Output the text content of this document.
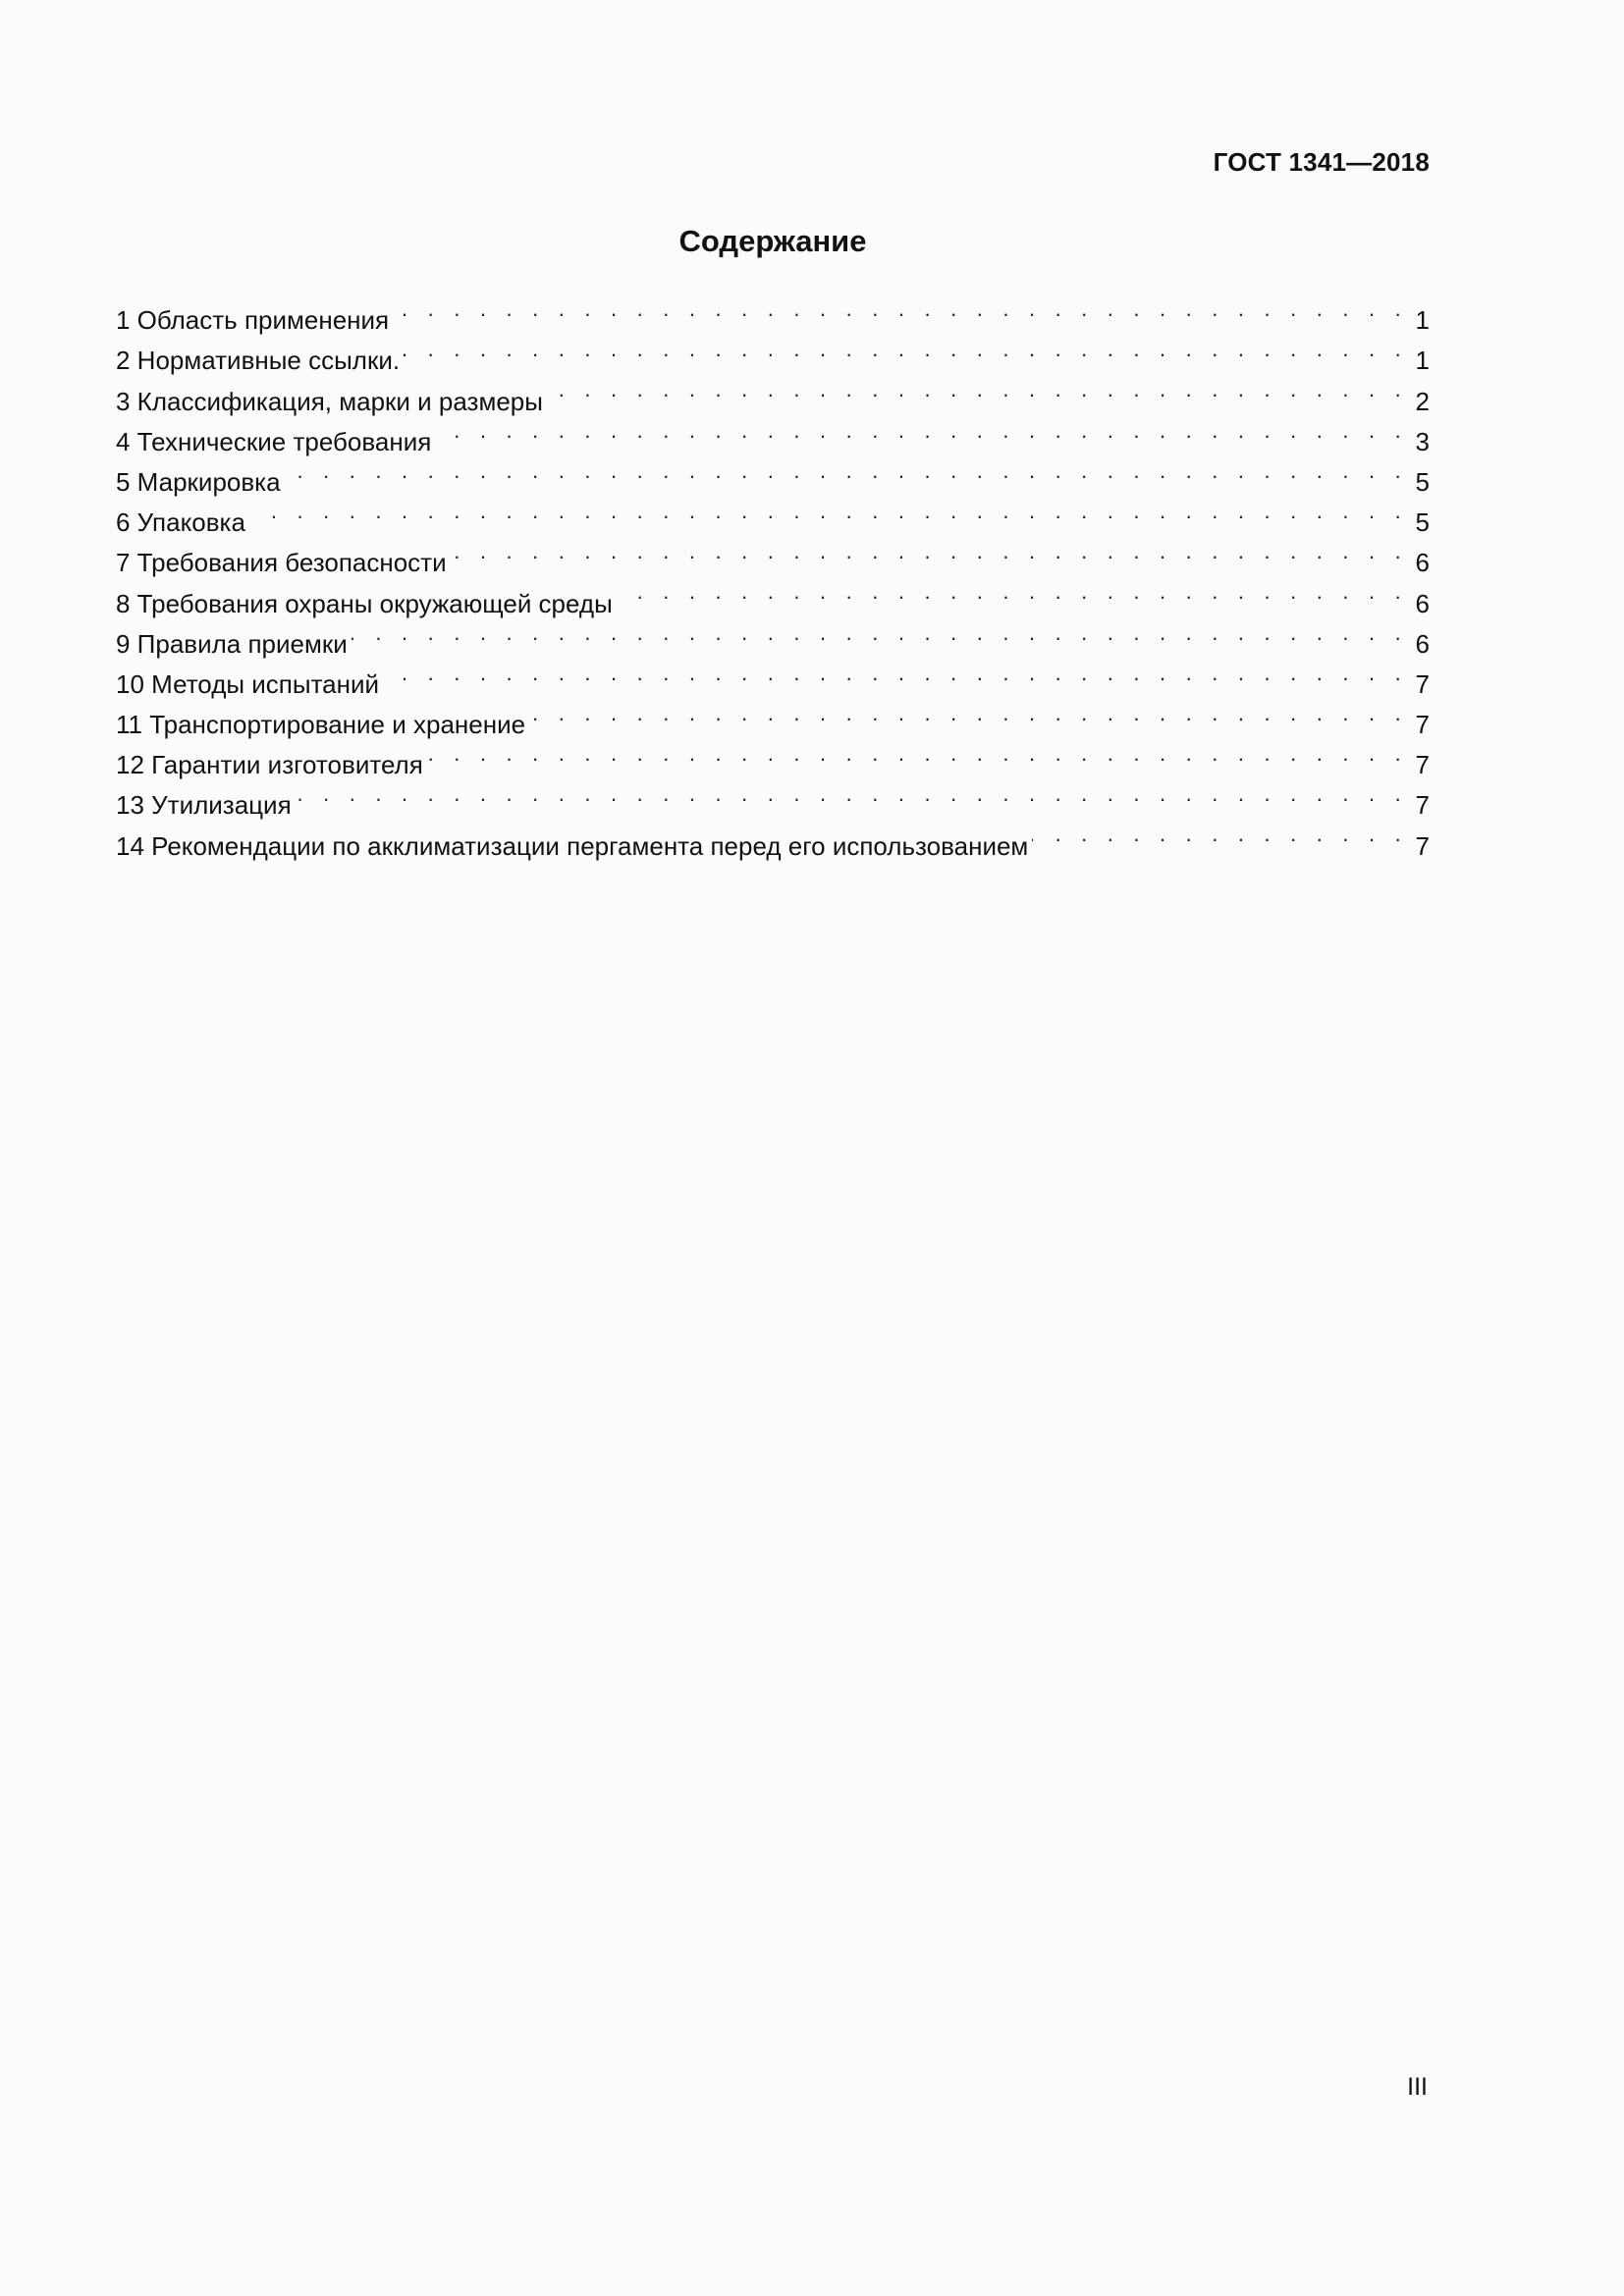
ГОСТ 1341—2018
Содержание
1 Область применения . . .	1
2 Нормативные ссылки. . . .	1
3 Классификация, марки и размеры . . .	2
4 Технические требования . . .	3
5 Маркировка . . .	5
6 Упаковка . . .	5
7 Требования безопасности . . .	6
8 Требования охраны окружающей среды . . .	6
9 Правила приемки . . .	6
10 Методы испытаний . . .	7
11 Транспортирование и хранение . . .	7
12 Гарантии изготовителя . . .	7
13 Утилизация . . .	7
14 Рекомендации по акклиматизации пергамента перед его использованием . . .	7
III
